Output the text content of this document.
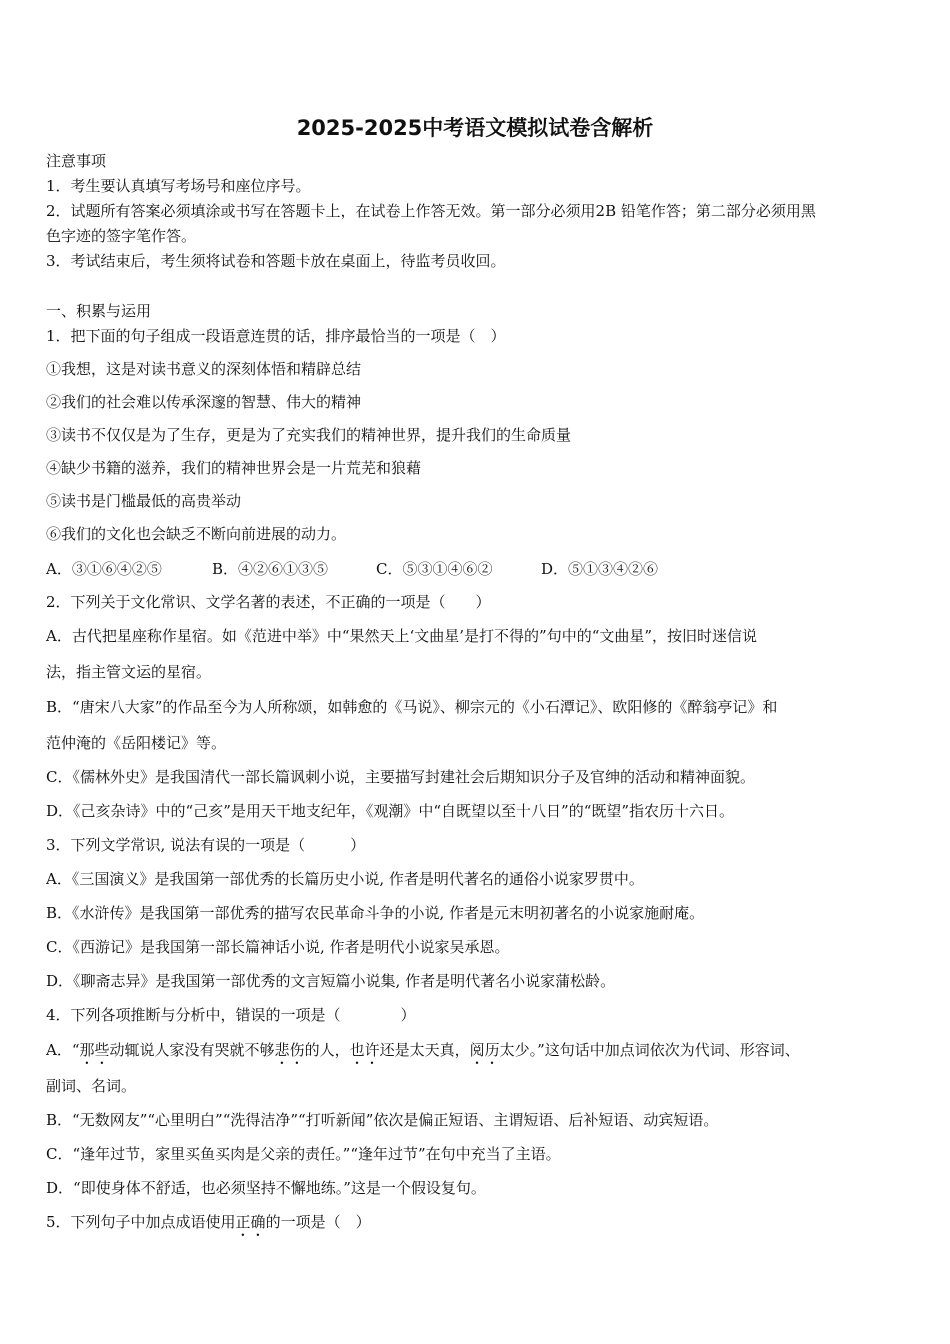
2025-2025中考语文模拟试卷含解析
注意事项
1．考生要认真填写考场号和座位序号。
2．试题所有答案必须填涂或书写在答题卡上，在试卷上作答无效。第一部分必须用2B 铅笔作答；第二部分必须用黑
色字迹的签字笔作答。
3．考试结束后，考生须将试卷和答题卡放在桌面上，待监考员收回。
一、积累与运用
1．把下面的句子组成一段语意连贯的话，排序最恰当的一项是（　）
①我想，这是对读书意义的深刻体悟和精辟总结
②我们的社会难以传承深邃的智慧、伟大的精神
③读书不仅仅是为了生存，更是为了充实我们的精神世界，提升我们的生命质量
④缺少书籍的滋养，我们的精神世界会是一片荒芜和狼藉
⑤读书是门槛最低的高贵举动
⑥我们的文化也会缺乏不断向前进展的动力。
A．③①⑥④②⑤	B．④②⑥①③⑤	C．⑤③①④⑥②	D．⑤①③④②⑥
2．下列关于文化常识、文学名著的表述，不正确的一项是（　　）
A．古代把星座称作星宿。如《范进中举》中“果然天上‘文曲星’是打不得的”句中的“文曲星”，按旧时迷信说
法，指主管文运的星宿。
B．“唐宋八大家”的作品至今为人所称颂，如韩愈的《马说》、柳宗元的《小石潭记》、欧阳修的《醉翁亭记》和
范仲淹的《岳阳楼记》等。
C．《儒林外史》是我国清代一部长篇讽刺小说，主要描写封建社会后期知识分子及官绅的活动和精神面貌。
D．《己亥杂诗》中的“己亥”是用天干地支纪年，《观潮》中“自既望以至十八日”的“既望”指农历十六日。
3．下列文学常识, 说法有误的一项是（　　　）
A．《三国演义》是我国第一部优秀的长篇历史小说, 作者是明代著名的通俗小说家罗贯中。
B．《水浒传》是我国第一部优秀的描写农民革命斗争的小说, 作者是元末明初著名的小说家施耐庵。
C．《西游记》是我国第一部长篇神话小说, 作者是明代小说家吴承恩。
D．《聊斋志异》是我国第一部优秀的文言短篇小说集, 作者是明代著名小说家蒲松龄。
4．下列各项推断与分析中，错误的一项是（　　　　）
A．“那些动辄说人家没有哭就不够悲伤的人，也许还是太天真，阅历太少。”这句话中加点词依次为代词、形容词、
副词、名词。
B．“无数网友”“心里明白”“洗得洁净”“打听新闻”依次是偏正短语、主谓短语、后补短语、动宾短语。
C．“逢年过节，家里买鱼买肉是父亲的责任。”“逢年过节”在句中充当了主语。
D．“即使身体不舒适，也必须坚持不懈地练。”这是一个假设复句。
5．下列句子中加点成语使用正确的一项是（　）
